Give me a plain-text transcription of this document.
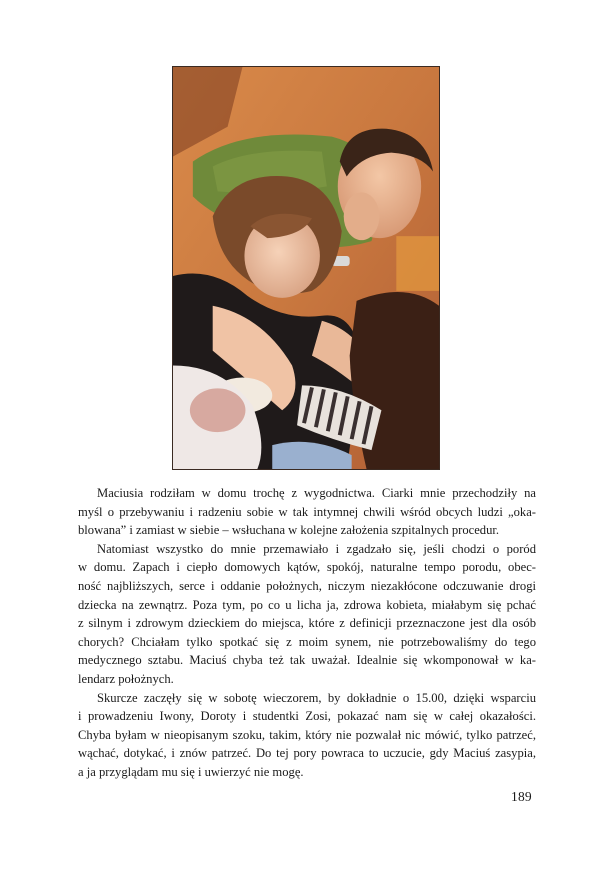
Maciusia rodziłam w domu trochę z wygodnictwa. Ciarki mnie przechodziły na
myśl o przebywaniu i radzeniu sobie w tak intymnej chwili wśród obcych ludzi „oka-
blowana” i zamiast w siebie – wsłuchana w kolejne założenia szpitalnych procedur.

Natomiast wszystko do mnie przemawiało i zgadzało się, jeśli chodzi o poród
w domu. Zapach i ciepło domowych kątów, spokój, naturalne tempo porodu, obec-
ność najbliższych, serce i oddanie położnych, niczym niezakłócone odczuwanie drogi
dziecka na zewnątrz. Poza tym, po co u licha ja, zdrowa kobieta, miałabym się pchać
z silnym i zdrowym dzieckiem do miejsca, które z definicji przeznaczone jest dla osób
chorych? Chciałam tylko spotkać się z moim synem, nie potrzebowaliśmy do tego
medycznego sztabu. Maciuś chyba też tak uważał. Idealnie się wkomponował w ka-
lendarz położnych.

Skurcze zaczęły się w sobotę wieczorem, by dokładnie o 15.00, dzięki wsparciu
i prowadzeniu Iwony, Doroty i studentki Zosi, pokazać nam się w całej okazałości.
Chyba byłam w nieopisanym szoku, takim, który nie pozwalał nic mówić, tylko patrzeć,
wąchać, dotykać, i znów patrzeć. Do tej pory powraca to uczucie, gdy Maciuś zasypia,
a ja przyglądam mu się i uwierzyć nie mogę.

189
